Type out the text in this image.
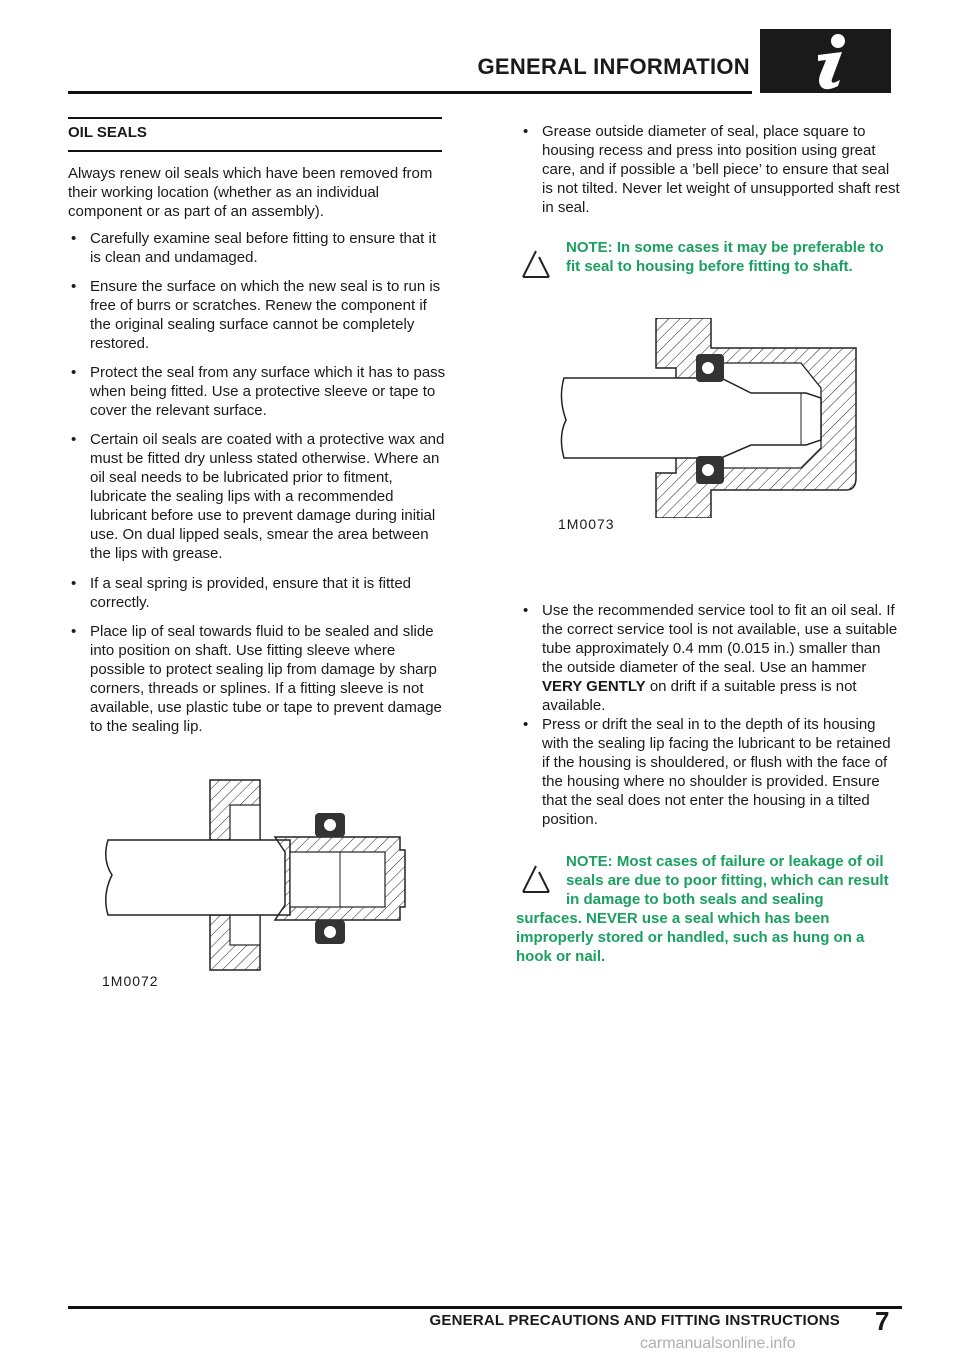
GENERAL INFORMATION
OIL SEALS

Always renew oil seals which have been removed from their working location (whether as an individual component or as part of an assembly).

• Carefully examine seal before fitting to ensure that it is clean and undamaged.

• Ensure the surface on which the new seal is to run is free of burrs or scratches. Renew the component if the original sealing surface cannot be completely restored.

• Protect the seal from any surface which it has to pass when being fitted. Use a protective sleeve or tape to cover the relevant surface.

• Certain oil seals are coated with a protective wax and must be fitted dry unless stated otherwise. Where an oil seal needs to be lubricated prior to fitment, lubricate the sealing lips with a recommended lubricant before use to prevent damage during initial use. On dual lipped seals, smear the area between the lips with grease.

• If a seal spring is provided, ensure that it is fitted correctly.

• Place lip of seal towards fluid to be sealed and slide into position on shaft. Use fitting sleeve where possible to protect sealing lip from damage by sharp corners, threads or splines. If a fitting sleeve is not available, use plastic tube or tape to prevent damage to the sealing lip.

1M0072
• Grease outside diameter of seal, place square to housing recess and press into position using great care, and if possible a ’bell piece’ to ensure that seal is not tilted. Never let weight of unsupported shaft rest in seal.

NOTE: In some cases it may be preferable to fit seal to housing before fitting to shaft.
1M0073
• Use the recommended service tool to fit an oil seal. If the correct service tool is not available, use a suitable tube approximately 0.4 mm (0.015 in.) smaller than the outside diameter of the seal. Use an hammer VERY GENTLY on drift if a suitable press is not available.

• Press or drift the seal in to the depth of its housing with the sealing lip facing the lubricant to be retained if the housing is shouldered, or flush with the face of the housing where no shoulder is provided. Ensure that the seal does not enter the housing in a tilted position.

NOTE: Most cases of failure or leakage of oil seals are due to poor fitting, which can result in damage to both seals and sealing
surfaces. NEVER use a seal which has been improperly stored or handled, such as hung on a hook or nail.
GENERAL PRECAUTIONS AND FITTING INSTRUCTIONS 7
carmanualsonline.info
